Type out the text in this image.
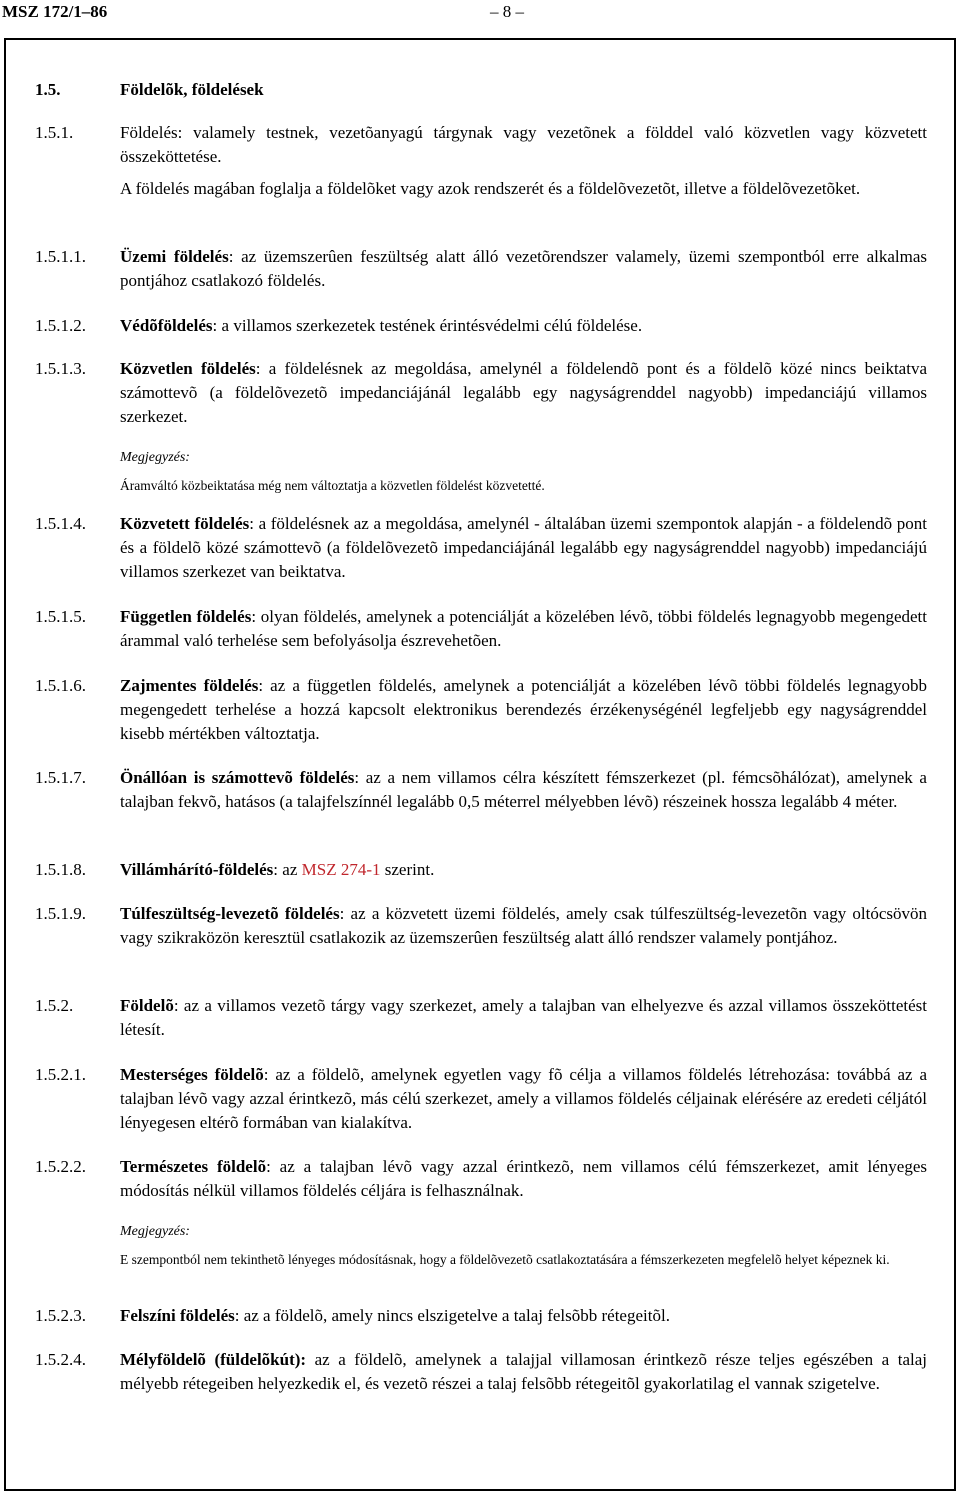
MSZ 172/1–86	– 8 –
1.5.	Földelõk, földelések
1.5.1.	Földelés: valamely testnek, vezetõanyagú tárgynak vagy vezetõnek a földdel való közvetlen vagy közvetett összeköttetése.
A földelés magában foglalja a földelõket vagy azok rendszerét és a földelõvezetõt, illetve a földelõvezetõket.
1.5.1.1. Üzemi földelés: az üzemszerûen feszültség alatt álló vezetõrendszer valamely, üzemi szempontból erre alkalmas pontjához csatlakozó földelés.
1.5.1.2. Védõföldelés: a villamos szerkezetek testének érintésvédelmi célú földelése.
1.5.1.3. Közvetlen földelés: a földelésnek az megoldása, amelynél a földelendõ pont és a földelõ közé nincs beiktatva számottevõ (a földelõvezetõ impedanciájánál legalább egy nagyságrenddel nagyobb) impedanciájú villamos szerkezet.
Megjegyzés:
Áramváltó közbeiktatása még nem változtatja a közvetlen földelést közvetetté.
1.5.1.4. Közvetett földelés: a földelésnek az a megoldása, amelynél - általában üzemi szempontok alapján - a földelendõ pont és a földelõ közé számottevõ (a földelõvezetõ impedanciájánál legalább egy nagyságrenddel nagyobb) impedanciájú villamos szerkezet van beiktatva.
1.5.1.5. Független földelés: olyan földelés, amelynek a potenciálját a közelében lévõ, többi földelés legnagyobb megengedett árammal való terhelése sem befolyásolja észrevehetõen.
1.5.1.6. Zajmentes földelés: az a független földelés, amelynek a potenciálját a közelében lévõ többi földelés legnagyobb megengedett terhelése a hozzá kapcsolt elektronikus berendezés érzékenységénél legfeljebb egy nagyságrenddel kisebb mértékben változtatja.
1.5.1.7. Önállóan is számottevõ földelés: az a nem villamos célra készített fémszerkezet (pl. fémcsõhálózat), amelynek a talajban fekvõ, hatásos (a talajfelszínnél legalább 0,5 méterrel mélyebben lévõ) részeinek hossza legalább 4 méter.
1.5.1.8. Villámhárító-földelés: az MSZ 274-1 szerint.
1.5.1.9. Túlfeszültség-levezetõ földelés: az a közvetett üzemi földelés, amely csak túlfeszültség-levezetõn vagy oltócsövön vagy szikraközön keresztül csatlakozik az üzemszerûen feszültség alatt álló rendszer valamely pontjához.
1.5.2.	Földelõ: az a villamos vezetõ tárgy vagy szerkezet, amely a talajban van elhelyezve és azzal villamos összeköttetést létesít.
1.5.2.1. Mesterséges földelõ: az a földelõ, amelynek egyetlen vagy fõ célja a villamos földelés létrehozása: továbbá az a talajban lévõ vagy azzal érintkezõ, más célú szerkezet, amely a villamos földelés céljainak elérésére az eredeti céljától lényegesen eltérõ formában van kialakítva.
1.5.2.2. Természetes földelõ: az a talajban lévõ vagy azzal érintkezõ, nem villamos célú fémszerkezet, amit lényeges módosítás nélkül villamos földelés céljára is felhasználnak.
Megjegyzés:
E szempontból nem tekinthetõ lényeges módosításnak, hogy a földelõvezetõ csatlakoztatására a fémszerkezeten megfelelõ helyet képeznek ki.
1.5.2.3. Felszíni földelés: az a földelõ, amely nincs elszigetelve a talaj felsõbb rétegeitõl.
1.5.2.4. Mélyföldelõ (füldelõkút): az a földelõ, amelynek a talajjal villamosan érintkezõ része teljes egészében a talaj mélyebb rétegeiben helyezkedik el, és vezetõ részei a talaj felsõbb rétegeitõl gyakorlatilag el vannak szigetelve.
